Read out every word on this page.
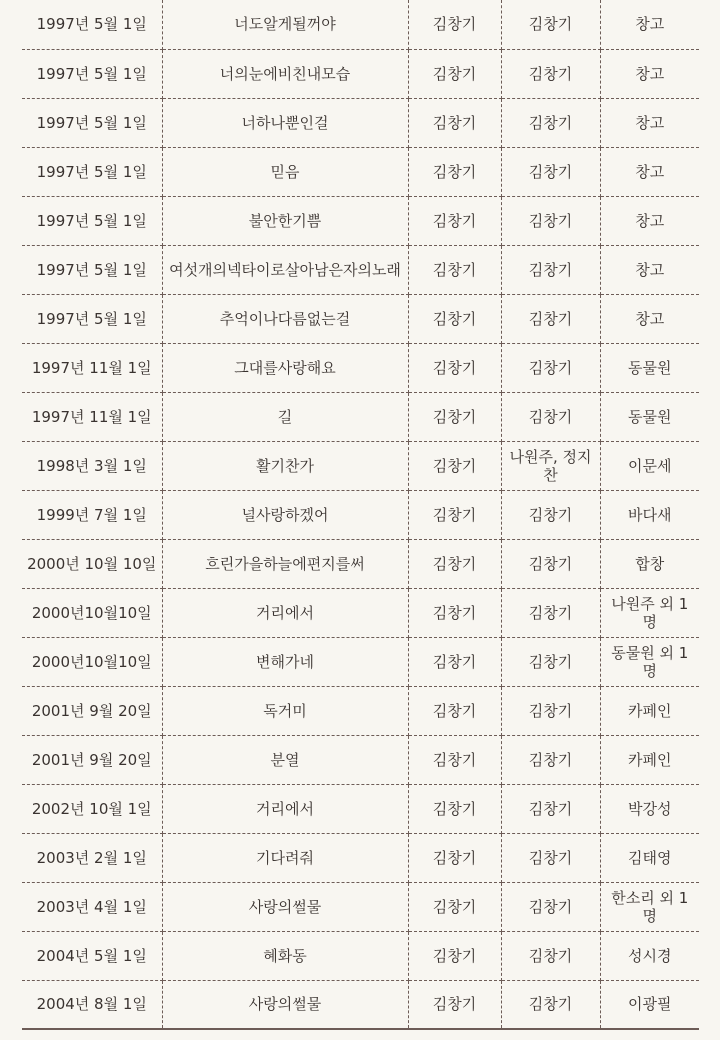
1997년 5월 1일	너도알게될꺼야	김창기	김창기	창고
1997년 5월 1일	너의눈에비친내모습	김창기	김창기	창고
1997년 5월 1일	너하나뿐인걸	김창기	김창기	창고
1997년 5월 1일	믿음	김창기	김창기	창고
1997년 5월 1일	불안한기쁨	김창기	김창기	창고
1997년 5월 1일	여섯개의넥타이로살아남은자의노래	김창기	김창기	창고
1997년 5월 1일	추억이나다름없는걸	김창기	김창기	창고
1997년 11월 1일	그대를사랑해요	김창기	김창기	동물원
1997년 11월 1일	길	김창기	김창기	동물원
1998년 3월 1일	활기찬가	김창기	나원주, 정지찬	이문세
1999년 7월 1일	널사랑하겠어	김창기	김창기	바다새
2000년 10월 10일	흐린가을하늘에편지를써	김창기	김창기	합창
2000년10월10일	거리에서	김창기	김창기	나원주 외 1명
2000년10월10일	변해가네	김창기	김창기	동물원 외 1명
2001년 9월 20일	독거미	김창기	김창기	카페인
2001년 9월 20일	분열	김창기	김창기	카페인
2002년 10월 1일	거리에서	김창기	김창기	박강성
2003년 2월 1일	기다려줘	김창기	김창기	김태영
2003년 4월 1일	사랑의썰물	김창기	김창기	한소리 외 1명
2004년 5월 1일	혜화동	김창기	김창기	성시경
2004년 8월 1일	사랑의썰물	김창기	김창기	이광필
